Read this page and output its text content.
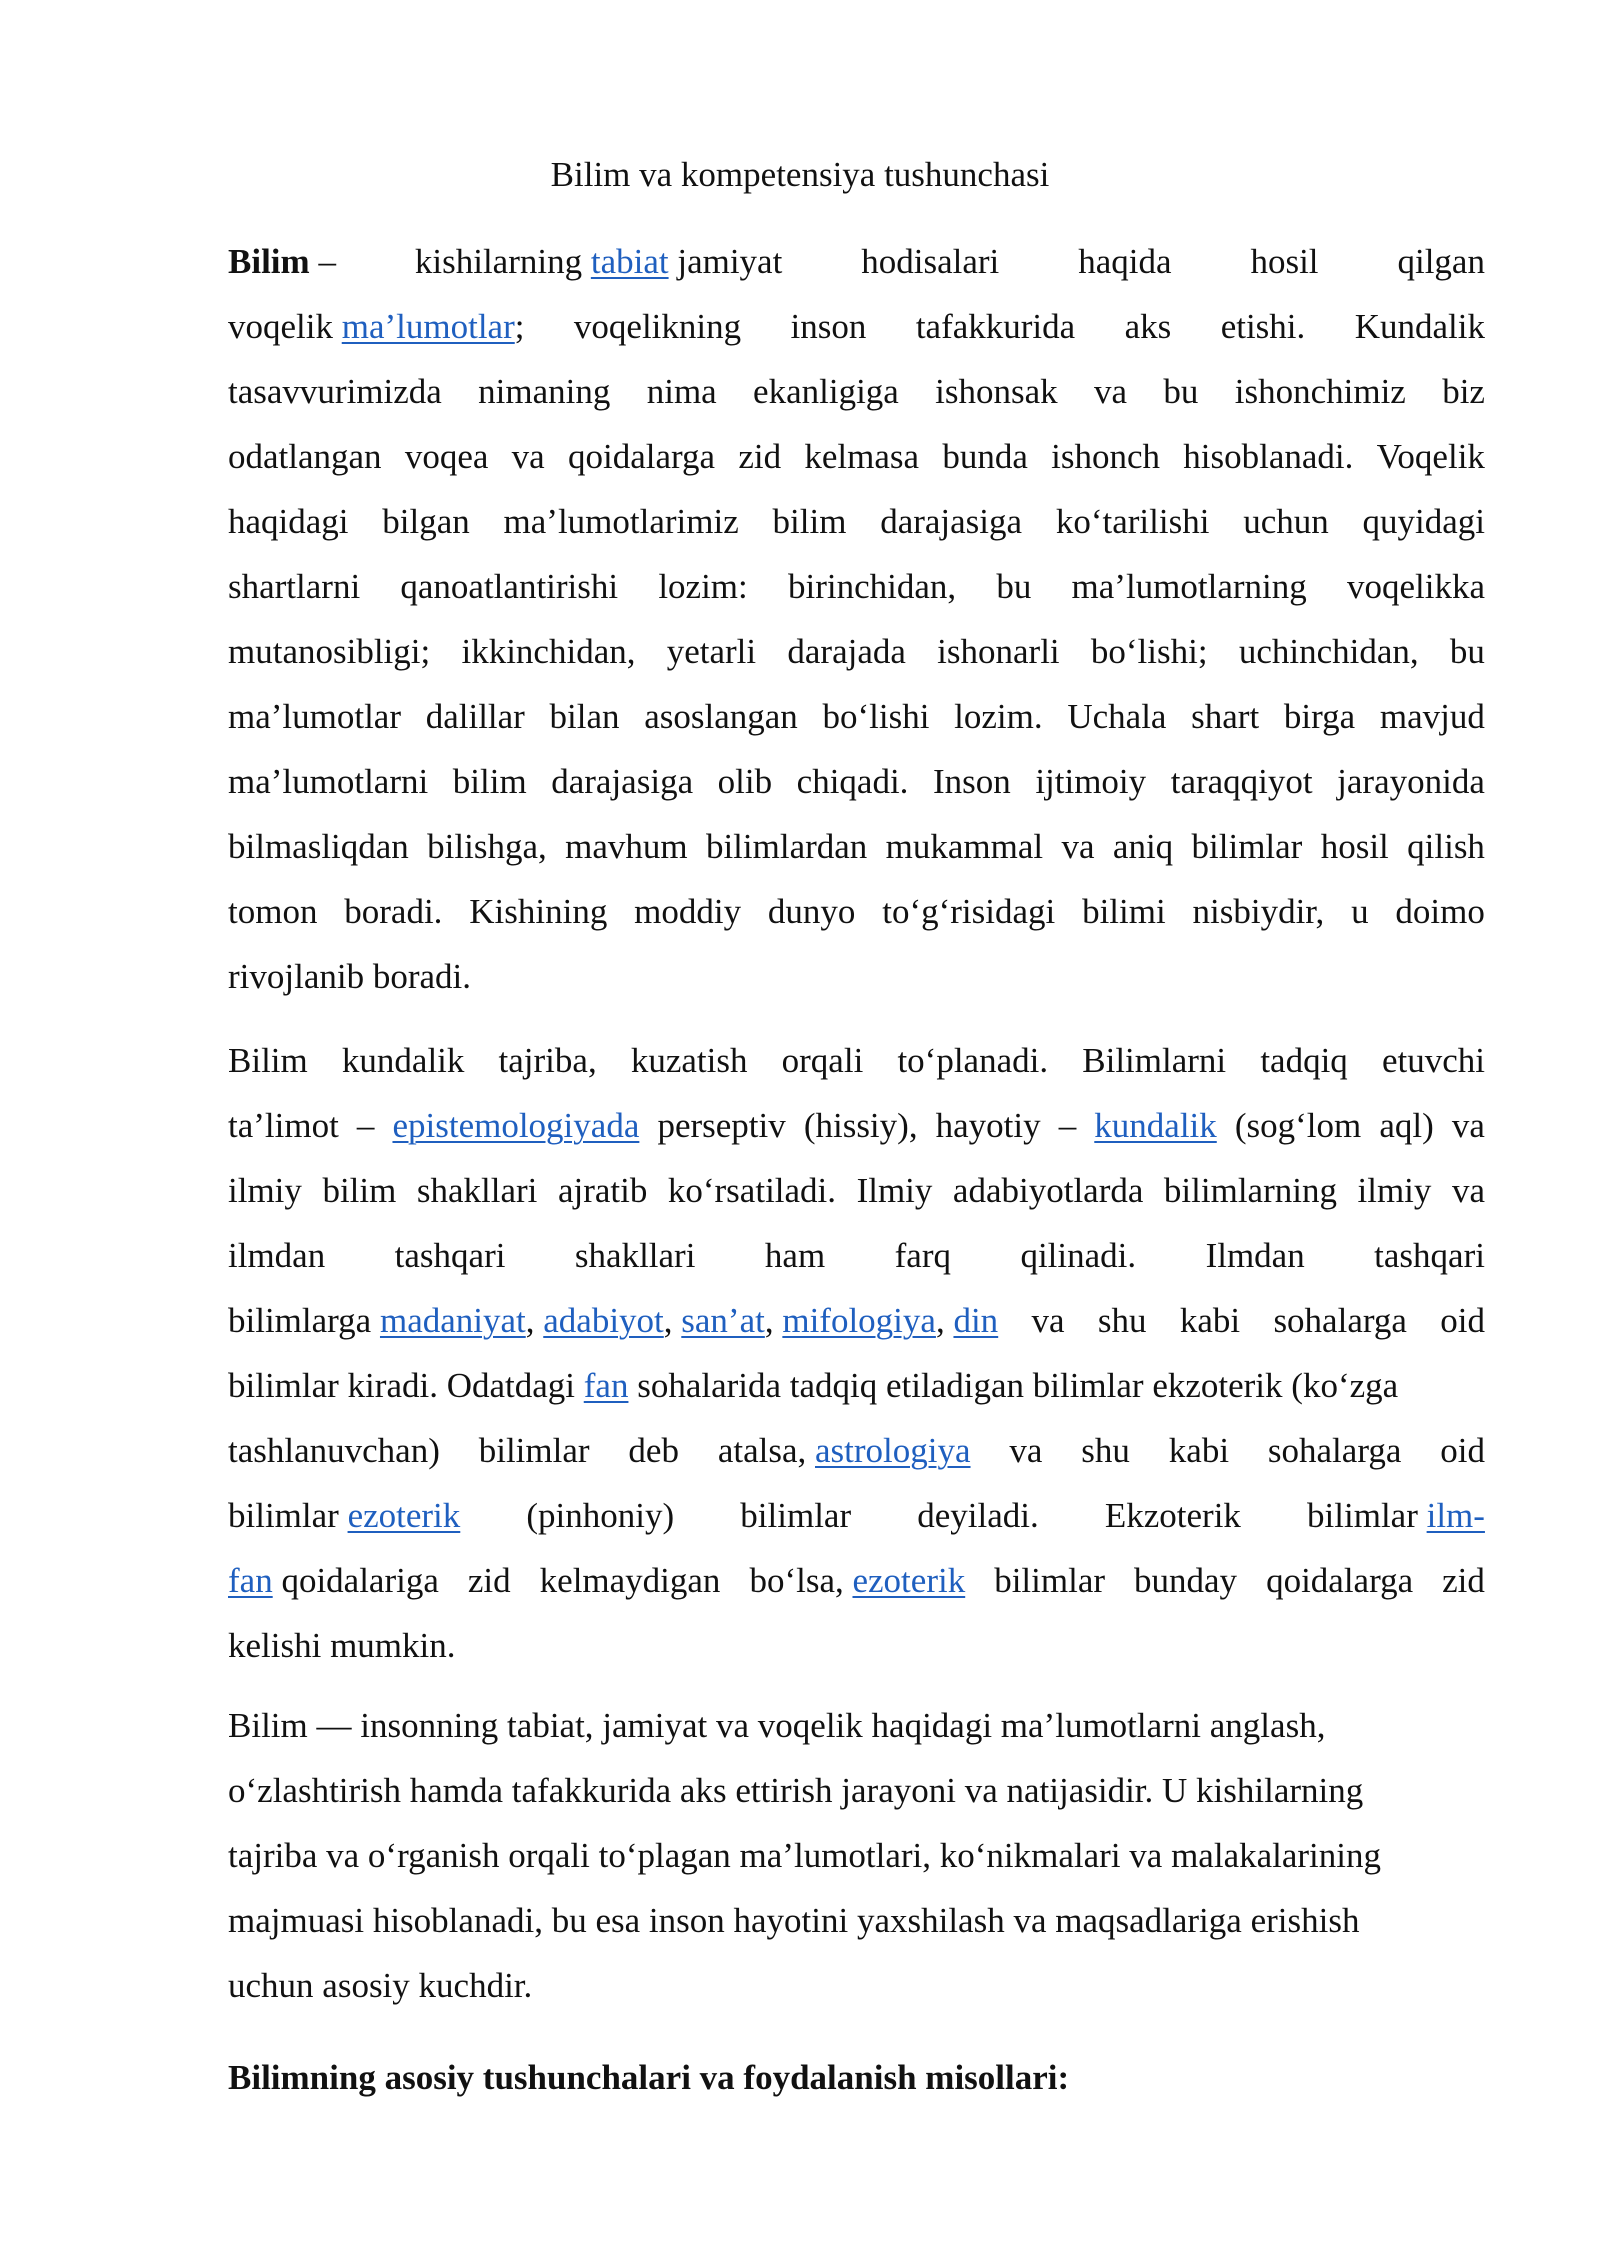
Bilim va kompetensiya tushunchasi
Bilim – kishilarning tabiat jamiyat hodisalari haqida hosil qilgan
voqelik ma’lumotlar; voqelikning inson tafakkurida aks etishi. Kundalik
tasavvurimizda nimaning nima ekanligiga ishonsak va bu ishonchimiz biz
odatlangan voqea va qoidalarga zid kelmasa bunda ishonch hisoblanadi. Voqelik
haqidagi bilgan ma’lumotlarimiz bilim darajasiga ko‘tarilishi uchun quyidagi
shartlarni qanoatlantirishi lozim: birinchidan, bu ma’lumotlarning voqelikka
mutanosibligi; ikkinchidan, yetarli darajada ishonarli bo‘lishi; uchinchidan, bu
ma’lumotlar dalillar bilan asoslangan bo‘lishi lozim. Uchala shart birga mavjud
ma’lumotlarni bilim darajasiga olib chiqadi. Inson ijtimoiy taraqqiyot jarayonida
bilmasliqdan bilishga, mavhum bilimlardan mukammal va aniq bilimlar hosil qilish
tomon boradi. Kishining moddiy dunyo to‘g‘risidagi bilimi nisbiydir, u doimo
rivojlanib boradi.
Bilim kundalik tajriba, kuzatish orqali to‘planadi. Bilimlarni tadqiq etuvchi
ta’limot – epistemologiyada perseptiv (hissiy), hayotiy – kundalik (sog‘lom aql) va
ilmiy bilim shakllari ajratib ko‘rsatiladi. Ilmiy adabiyotlarda bilimlarning ilmiy va
ilmdan tashqari shakllari ham farq qilinadi. Ilmdan tashqari
bilimlarga madaniyat, adabiyot, san’at, mifologiya, din va shu kabi sohalarga oid
bilimlar kiradi. Odatdagi fan sohalarida tadqiq etiladigan bilimlar ekzoterik (ko‘zga
tashlanuvchan) bilimlar deb atalsa, astrologiya va shu kabi sohalarga oid
bilimlar ezoterik (pinhoniy) bilimlar deyiladi. Ekzoterik bilimlar ilm-
fan qoidalariga zid kelmaydigan bo‘lsa, ezoterik bilimlar bunday qoidalarga zid
kelishi mumkin.
Bilim — insonning tabiat, jamiyat va voqelik haqidagi ma’lumotlarni anglash,
o‘zlashtirish hamda tafakkurida aks ettirish jarayoni va natijasidir. U kishilarning
tajriba va o‘rganish orqali to‘plagan ma’lumotlari, ko‘nikmalari va malakalarining
majmuasi hisoblanadi, bu esa inson hayotini yaxshilash va maqsadlariga erishish
uchun asosiy kuchdir.
Bilimning asosiy tushunchalari va foydalanish misollari:
